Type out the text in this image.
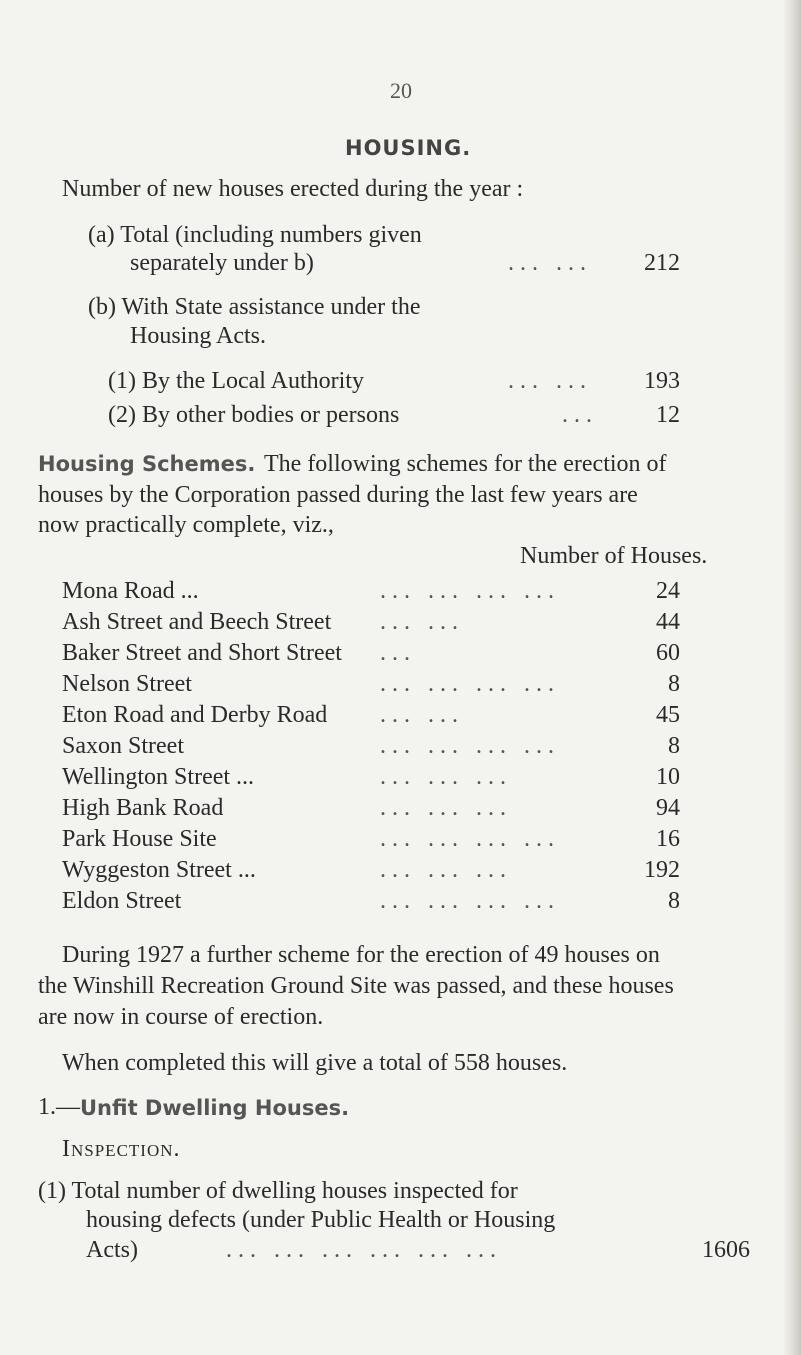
20
HOUSING.
Number of new houses erected during the year :
(a) Total (including numbers given
separately under b)	... ...	212
(b) With State assistance under the
Housing Acts.
(1) By the Local Authority	... ...	193
(2) By other bodies or persons	...	12
Housing Schemes. The following schemes for the erection of
houses by the Corporation passed during the last few years are
now practically complete, viz.,
Number of Houses.
Mona Road ...	... ... ... ...	24
Ash Street and Beech Street ... ...	44
Baker Street and Short Street ...	60
Nelson Street	... ... ... ...	8
Eton Road and Derby Road ... ...	45
Saxon Street	... ... ... ...	8
Wellington Street ...	... ... ...	10
High Bank Road	... ... ...	94
Park House Site	... ... ... ...	16
Wyggeston Street ...	... ... ...	192
Eldon Street	... ... ... ...	8
During 1927 a further scheme for the erection of 49 houses on
the Winshill Recreation Ground Site was passed, and these houses
are now in course of erection.
When completed this will give a total of 558 houses.
1.— Unfit Dwelling Houses.
Inspection.
(1) Total number of dwelling houses inspected for
housing defects (under Public Health or Housing
Acts)	... ... ... ... ... ...	1606
